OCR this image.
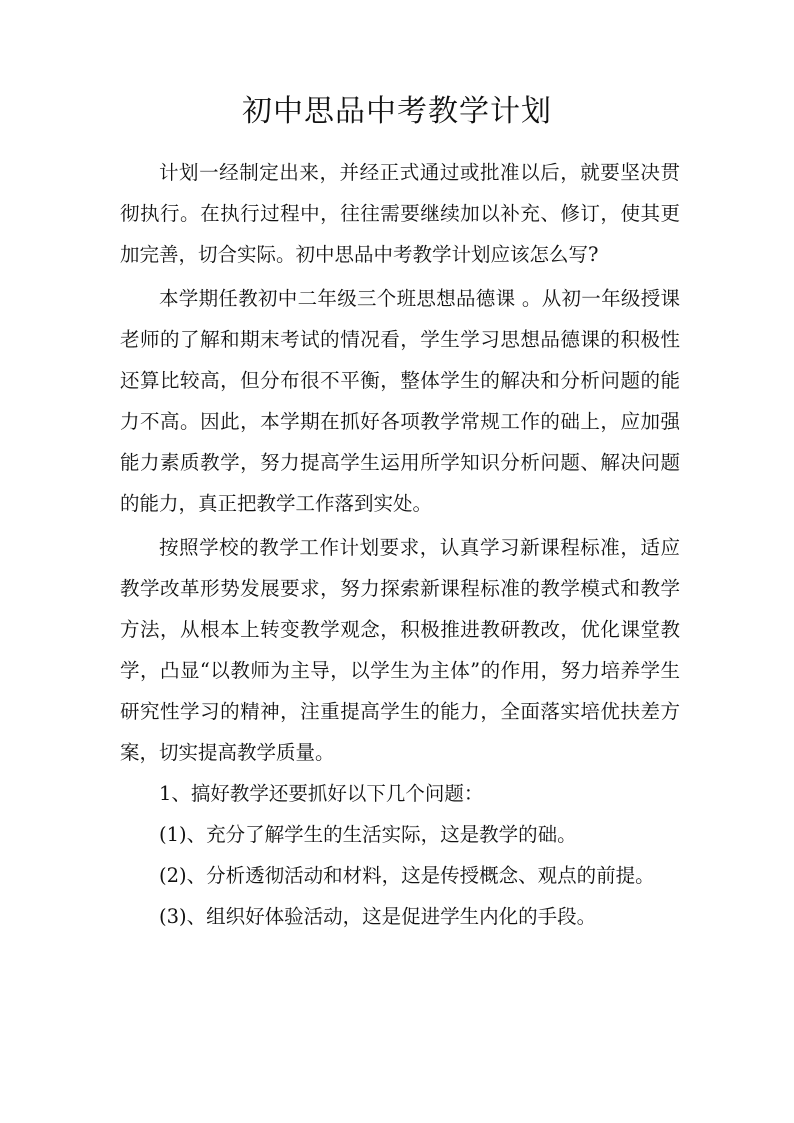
初中思品中考教学计划

计划一经制定出来，并经正式通过或批准以后，就要坚决贯彻执行。在执行过程中，往往需要继续加以补充、修订，使其更加完善，切合实际。初中思品中考教学计划应该怎么写?

本学期任教初中二年级三个班思想品德课 。从初一年级授课老师的了解和期末考试的情况看，学生学习思想品德课的积极性还算比较高，但分布很不平衡，整体学生的解决和分析问题的能力不高。因此，本学期在抓好各项教学常规工作的础上，应加强能力素质教学，努力提高学生运用所学知识分析问题、解决问题的能力，真正把教学工作落到实处。

按照学校的教学工作计划要求，认真学习新课程标准，适应教学改革形势发展要求，努力探索新课程标准的教学模式和教学方法，从根本上转变教学观念，积极推进教研教改，优化课堂教学，凸显“以教师为主导，以学生为主体”的作用，努力培养学生研究性学习的精神，注重提高学生的能力，全面落实培优扶差方案，切实提高教学质量。

1、搞好教学还要抓好以下几个问题：

(1)、充分了解学生的生活实际，这是教学的础。

(2)、分析透彻活动和材料，这是传授概念、观点的前提。

(3)、组织好体验活动，这是促进学生内化的手段。
